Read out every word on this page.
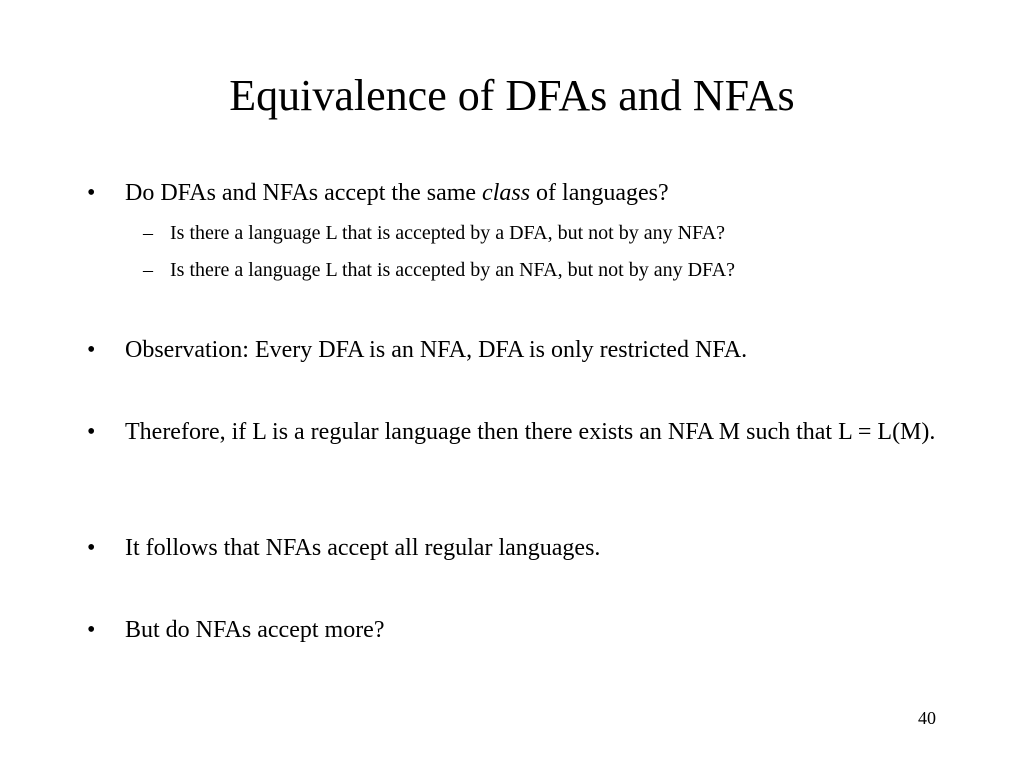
Equivalence of DFAs and NFAs
•	Do DFAs and NFAs accept the same class of languages?
– Is there a language L that is accepted by a DFA, but not by any NFA?
– Is there a language L that is accepted by an NFA, but not by any DFA?
•	Observation: Every DFA is an NFA, DFA is only restricted NFA.
•	Therefore, if L is a regular language then there exists an NFA M such that L = L(M).
•	It follows that NFAs accept all regular languages.
•	But do NFAs accept more?
40
